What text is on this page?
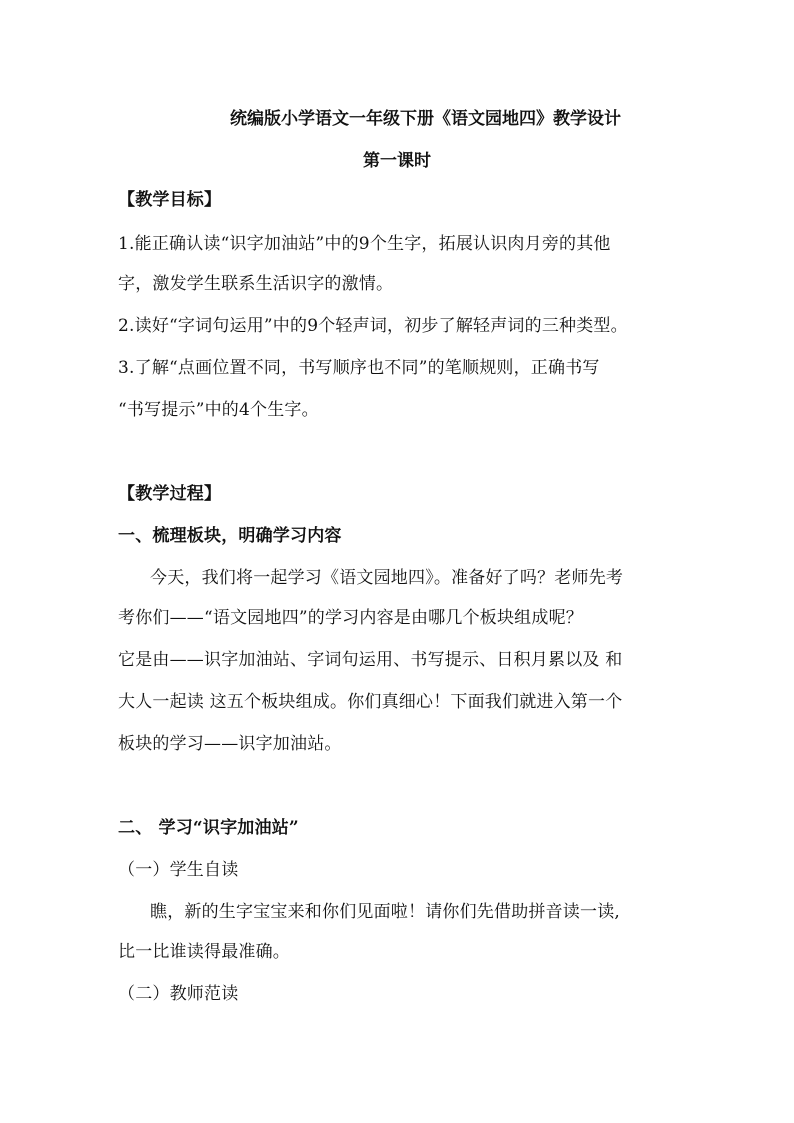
统编版小学语文一年级下册《语文园地四》教学设计
第一课时
【教学目标】
1.能正确认读“识字加油站”中的9个生字，拓展认识肉月旁的其他
字，激发学生联系生活识字的激情。
2.读好“字词句运用”中的9个轻声词，初步了解轻声词的三种类型。
3.了解“点画位置不同，书写顺序也不同”的笔顺规则，正确书写
“书写提示”中的4个生字。
【教学过程】
一、梳理板块，明确学习内容
今天，我们将一起学习《语文园地四》。准备好了吗？老师先考
考你们——“语文园地四”的学习内容是由哪几个板块组成呢？
它是由——识字加油站、字词句运用、书写提示、日积月累以及 和
大人一起读 这五个板块组成。你们真细心！下面我们就进入第一个
板块的学习——识字加油站。
二、 学习“识字加油站”
（一）学生自读
瞧，新的生字宝宝来和你们见面啦！请你们先借助拼音读一读,
比一比谁读得最准确。
（二）教师范读
